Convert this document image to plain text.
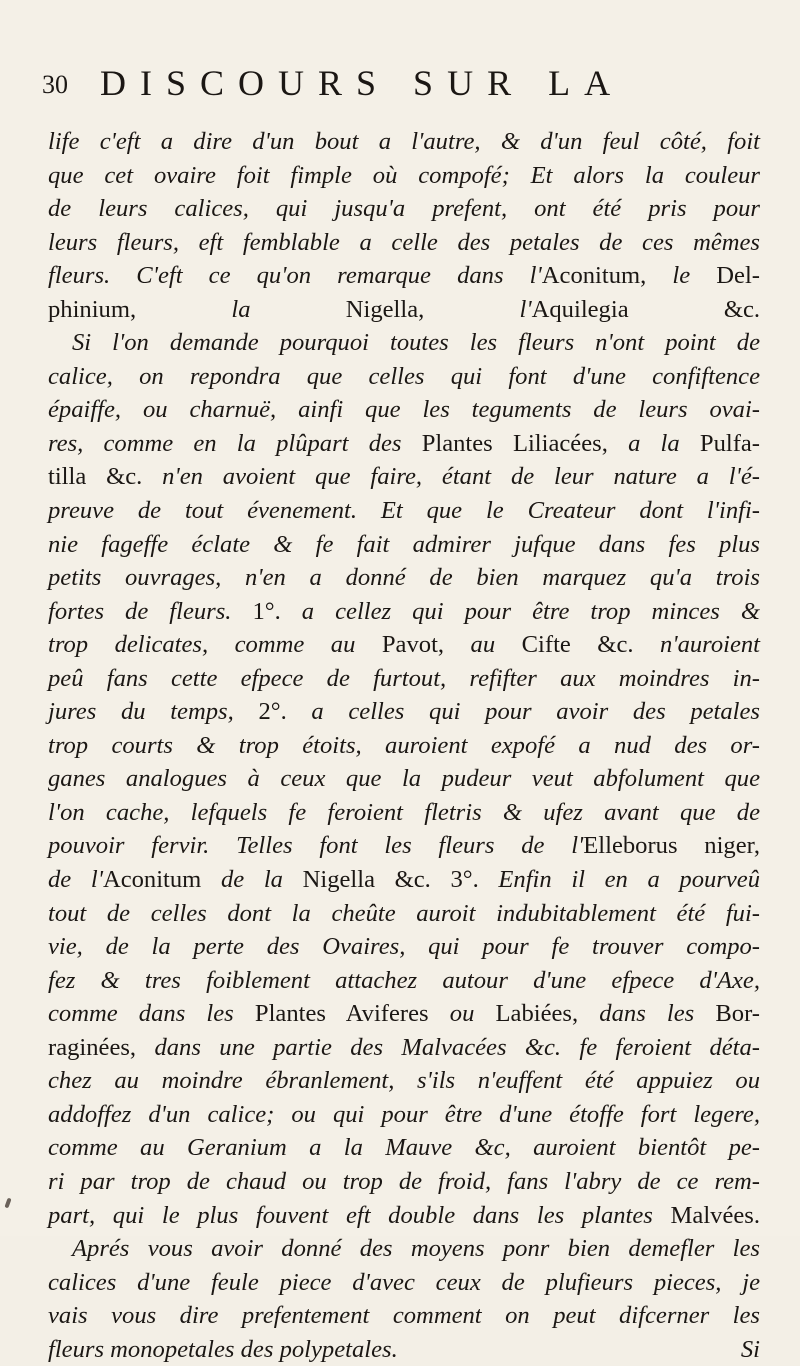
30 DISCOURS SUR LA
life c'eft a dire d'un bout a l'autre, & d'un feul côté, foit
que cet ovaire foit fimple où compofé; Et alors la couleur
de leurs calices, qui jusqu'a prefent, ont été pris pour
leurs fleurs, eft femblable a celle des petales de ces mêmes
fleurs. C'eft ce qu'on remarque dans l'Aconitum, le Del-
phinium, la Nigella, l'Aquilegia &c.
Si l'on demande pourquoi toutes les fleurs n'ont point de
calice, on repondra que celles qui font d'une confiftence
épaiffe, ou charnuë, ainfi que les teguments de leurs ovai-
res, comme en la plûpart des Plantes Liliacées, a la Pulfa-
tilla &c. n'en avoient que faire, étant de leur nature a l'é-
preuve de tout évenement. Et que le Createur dont l'infi-
nie fageffe éclate & fe fait admirer jufque dans fes plus
petits ouvrages, n'en a donné de bien marquez qu'a trois
fortes de fleurs. 1°. a cellez qui pour être trop minces &
trop delicates, comme au Pavot, au Cifte &c. n'auroient
peû fans cette efpece de furtout, refifter aux moindres in-
jures du temps, 2°. a celles qui pour avoir des petales
trop courts & trop étoits, auroient expofé a nud des or-
ganes analogues à ceux que la pudeur veut abfolument que
l'on cache, lefquels fe feroient fletris & ufez avant que de
pouvoir fervir. Telles font les fleurs de l'Elleborus niger,
de l'Aconitum de la Nigella &c. 3°. Enfin il en a pourveû
tout de celles dont la cheûte auroit indubitablement été fui-
vie, de la perte des Ovaires, qui pour fe trouver compo-
fez & tres foiblement attachez autour d'une efpece d'Axe,
comme dans les Plantes Aviferes ou Labiées, dans les Bor-
raginées, dans une partie des Malvacées &c. fe feroient déta-
chez au moindre ébranlement, s'ils n'euffent été appuiez ou
addoffez d'un calice; ou qui pour être d'une étoffe fort legere,
comme au Geranium a la Mauve &c, auroient bientôt pe-
ri par trop de chaud ou trop de froid, fans l'abry de ce rem-
part, qui le plus fouvent eft double dans les plantes Malvées.
Aprés vous avoir donné des moyens ponr bien demefler les
calices d'une feule piece d'avec ceux de plufieurs pieces, je
vais vous dire prefentement comment on peut difcerner les
fleurs monopetales des polypetales.	Si
